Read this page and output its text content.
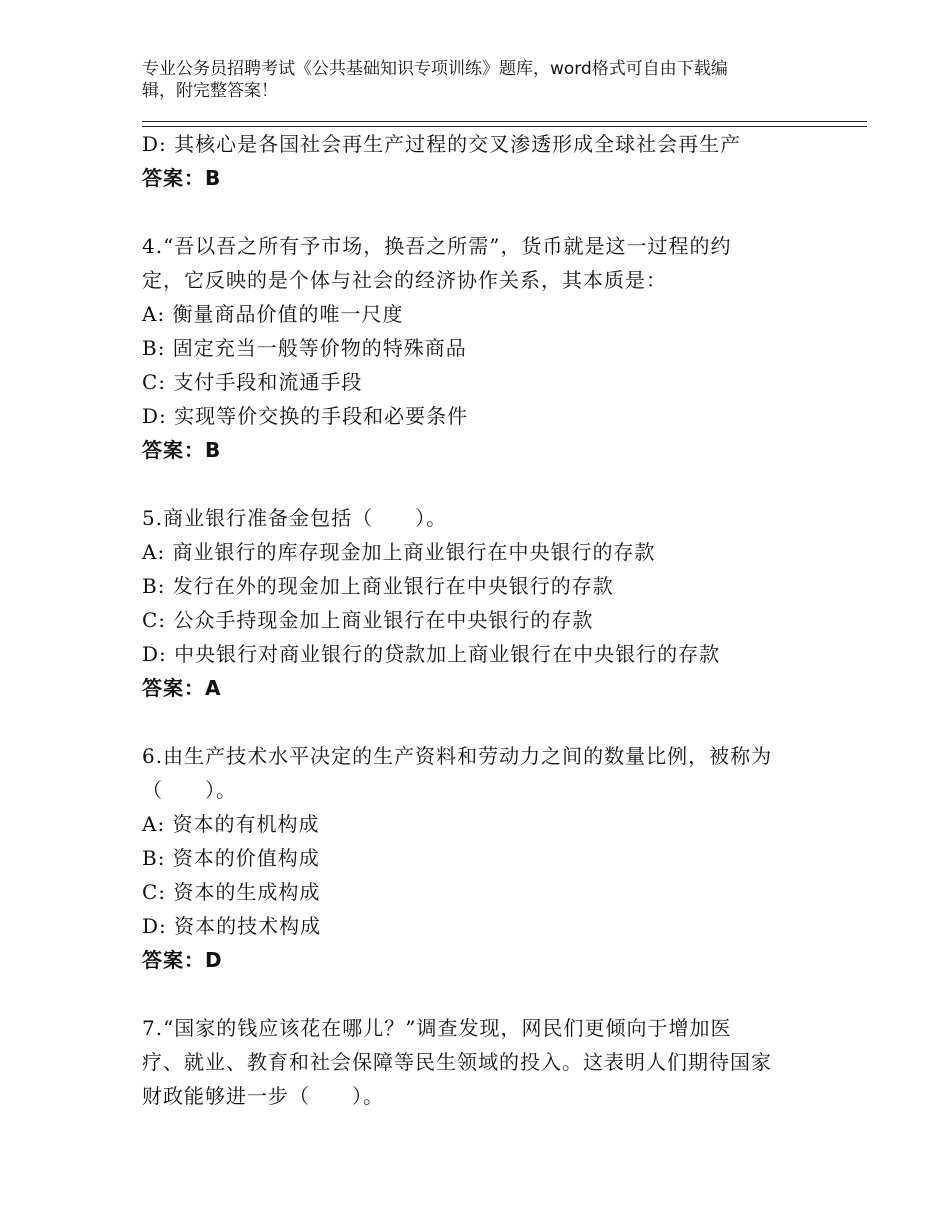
专业公务员招聘考试《公共基础知识专项训练》题库，word格式可自由下载编
辑，附完整答案！
D: 其核心是各国社会再生产过程的交叉渗透形成全球社会再生产
答案：B
4.“吾以吾之所有予市场，换吾之所需”，货币就是这一过程的约
定，它反映的是个体与社会的经济协作关系，其本质是：
A: 衡量商品价值的唯一尺度
B: 固定充当一般等价物的特殊商品
C: 支付手段和流通手段
D: 实现等价交换的手段和必要条件
答案：B
5.商业银行准备金包括（　　）。
A: 商业银行的库存现金加上商业银行在中央银行的存款
B: 发行在外的现金加上商业银行在中央银行的存款
C: 公众手持现金加上商业银行在中央银行的存款
D: 中央银行对商业银行的贷款加上商业银行在中央银行的存款
答案：A
6.由生产技术水平决定的生产资料和劳动力之间的数量比例，被称为
（　　）。
A: 资本的有机构成
B: 资本的价值构成
C: 资本的生成构成
D: 资本的技术构成
答案：D
7.“国家的钱应该花在哪儿？”调查发现，网民们更倾向于增加医
疗、就业、教育和社会保障等民生领域的投入。这表明人们期待国家
财政能够进一步（　　）。
